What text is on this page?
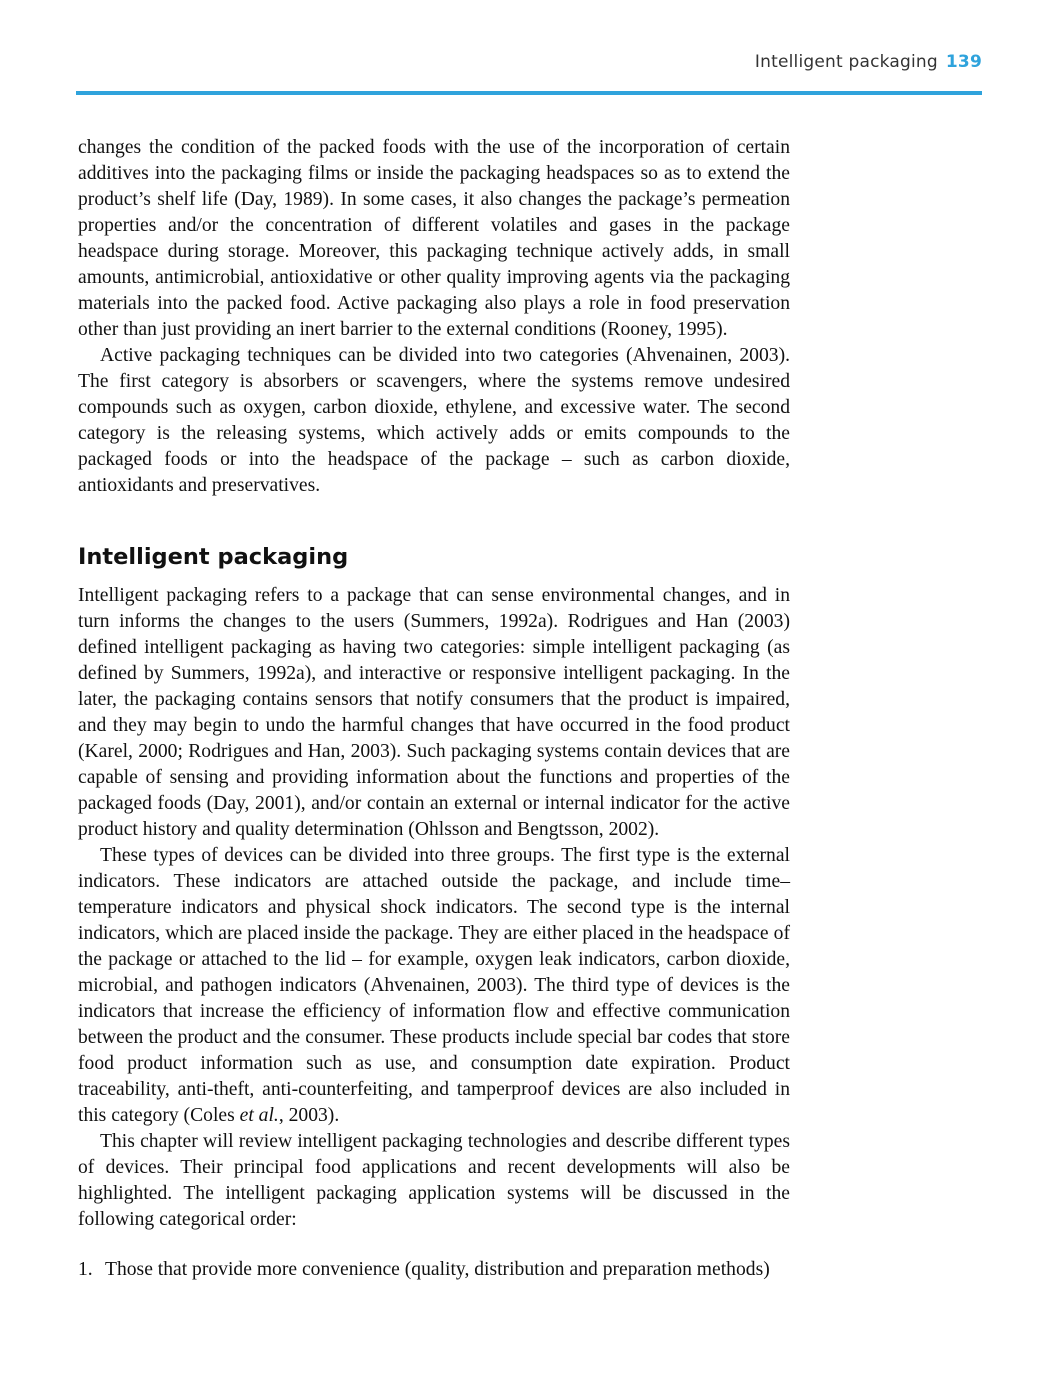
Intelligent packaging 139

changes the condition of the packed foods with the use of the incorporation of certain additives into the packaging films or inside the packaging headspaces so as to extend the product’s shelf life (Day, 1989). In some cases, it also changes the package’s permeation properties and/or the concentration of different volatiles and gases in the package headspace during storage. Moreover, this packaging technique actively adds, in small amounts, antimicrobial, antioxidative or other quality improving agents via the packaging materials into the packed food. Active packaging also plays a role in food preservation other than just providing an inert barrier to the external conditions (Rooney, 1995).

Active packaging techniques can be divided into two categories (Ahvenainen, 2003). The first category is absorbers or scavengers, where the systems remove undesired compounds such as oxygen, carbon dioxide, ethylene, and excessive water. The second category is the releasing systems, which actively adds or emits compounds to the packaged foods or into the headspace of the package – such as carbon dioxide, antioxidants and preservatives.

Intelligent packaging

Intelligent packaging refers to a package that can sense environmental changes, and in turn informs the changes to the users (Summers, 1992a). Rodrigues and Han (2003) defined intelligent packaging as having two categories: simple intelligent packaging (as defined by Summers, 1992a), and interactive or responsive intelligent packaging. In the later, the packaging contains sensors that notify consumers that the product is impaired, and they may begin to undo the harmful changes that have occurred in the food product (Karel, 2000; Rodrigues and Han, 2003). Such packaging systems contain devices that are capable of sensing and providing information about the functions and properties of the packaged foods (Day, 2001), and/or contain an external or internal indicator for the active product history and quality determination (Ohlsson and Bengtsson, 2002).

These types of devices can be divided into three groups. The first type is the external indicators. These indicators are attached outside the package, and include time–temperature indicators and physical shock indicators. The second type is the internal indicators, which are placed inside the package. They are either placed in the headspace of the package or attached to the lid – for example, oxygen leak indicators, carbon dioxide, microbial, and pathogen indicators (Ahvenainen, 2003). The third type of devices is the indicators that increase the efficiency of information flow and effective communication between the product and the consumer. These products include special bar codes that store food product information such as use, and consumption date expiration. Product traceability, anti-theft, anti-counterfeiting, and tamperproof devices are also included in this category (Coles et al., 2003).

This chapter will review intelligent packaging technologies and describe different types of devices. Their principal food applications and recent developments will also be highlighted. The intelligent packaging application systems will be discussed in the following categorical order:

1. Those that provide more convenience (quality, distribution and preparation methods)
